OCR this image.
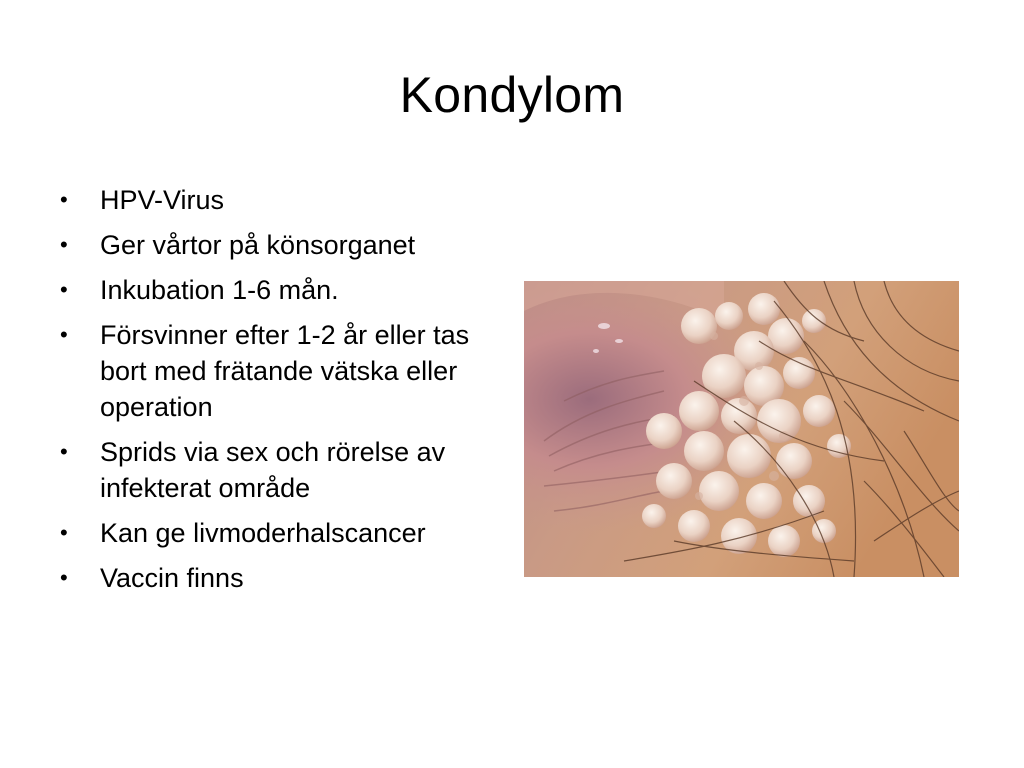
Kondylom
• HPV-Virus
• Ger vårtor på könsorganet
• Inkubation 1-6 mån.
• Försvinner efter 1-2 år eller tas bort med frätande vätska eller operation
• Sprids via sex och rörelse av infekterat område
• Kan ge livmoderhalscancer
• Vaccin finns
